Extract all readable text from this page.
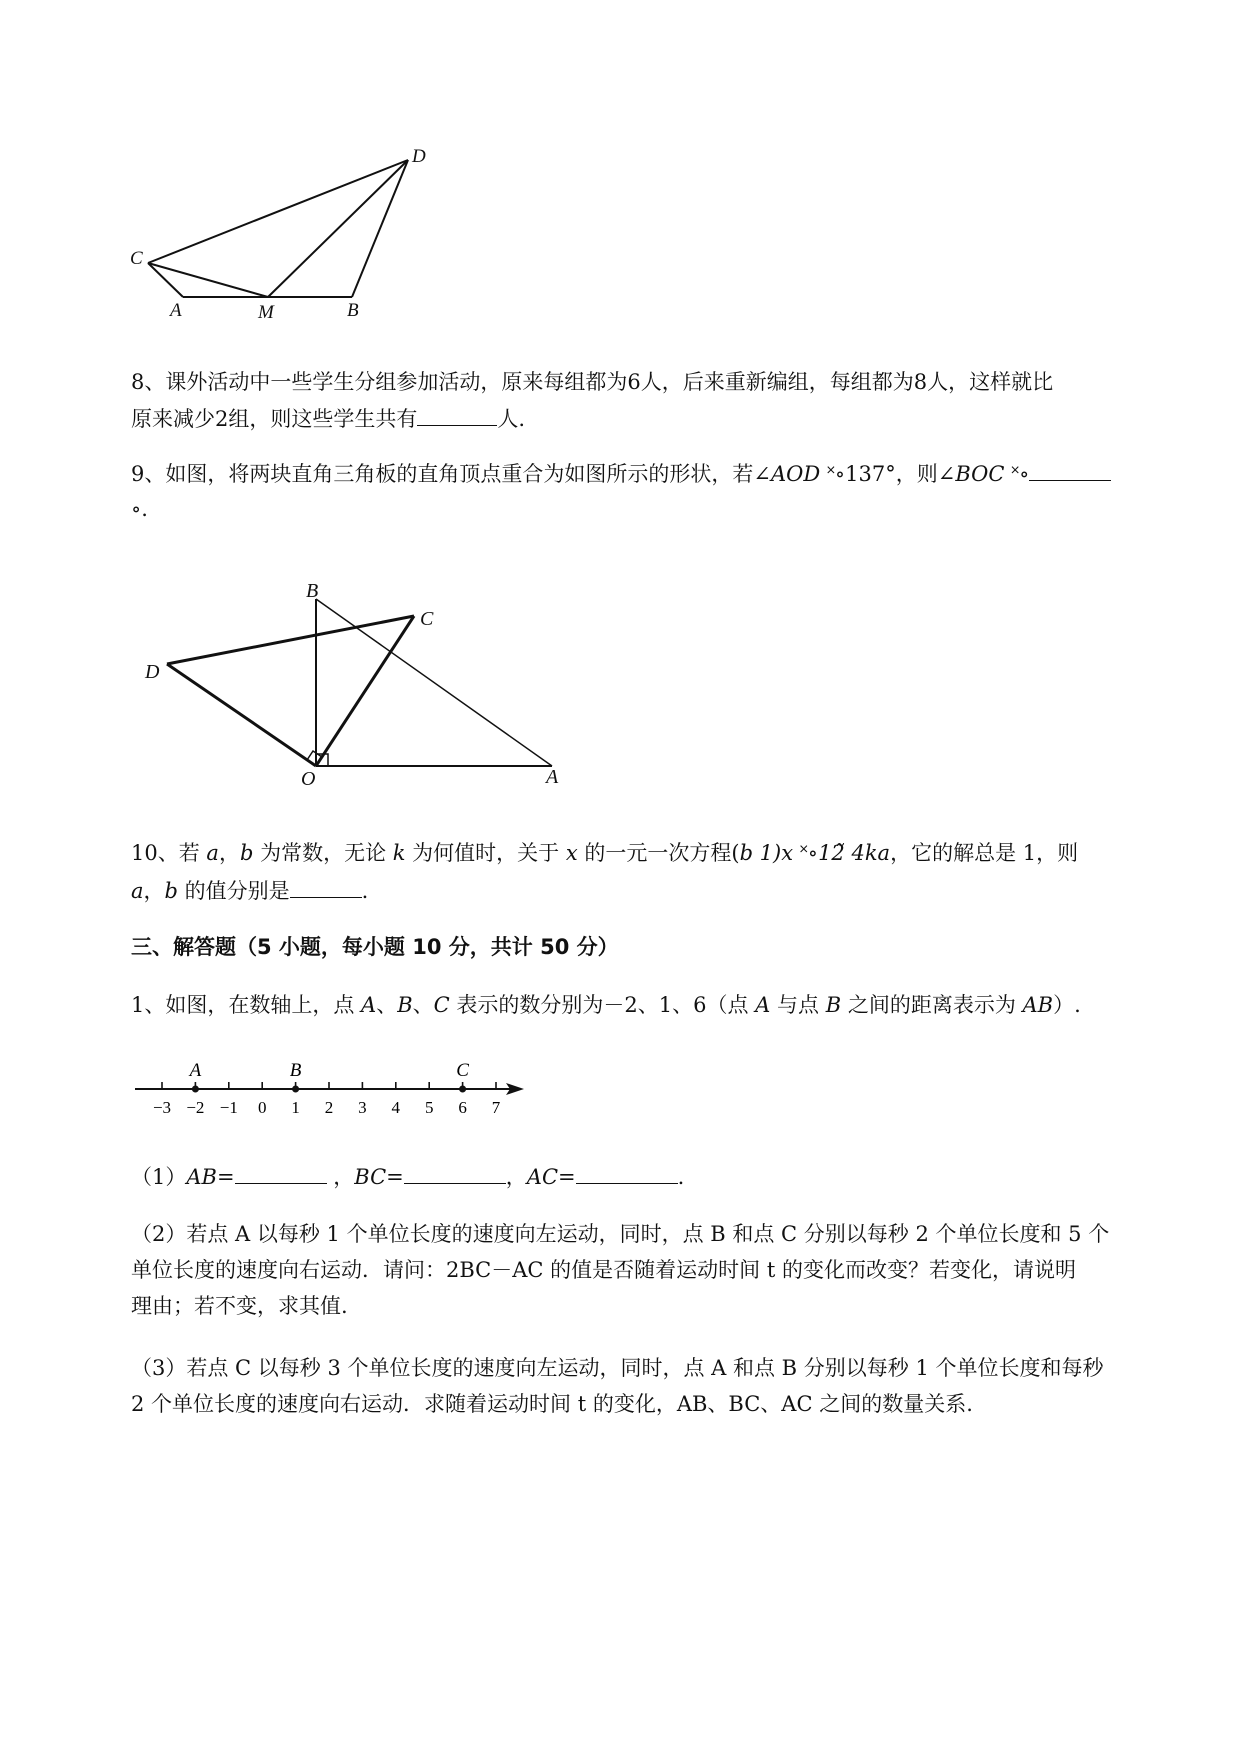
D
C
A	M	B
8、课外活动中一些学生分组参加活动，原来每组都为6人，后来重新编组，每组都为8人，这样就比
原来减少2组，则这些学生共有	人.
9、如图，将两块直角三角板的直角顶点重合为如图所示的形状，若∠AOD ˟∘137°，则∠BOC ˟∘
∘.
B
C
D
O	A
10、若 a，b 为常数，无论 k 为何值时，关于 x 的一元一次方程(b 1)x ˟∘12̃ 4ka，它的解总是 1，则
a，b 的值分别是	.
三、解答题（5 小题，每小题 10 分，共计 50 分）
1、如图，在数轴上，点 A、B、C 表示的数分别为－2、1、6（点 A 与点 B 之间的距离表示为 AB）.
−3 −2 −1 0 1 2 3 4 5 6 7
A	B	C
（1）AB=	，BC=	，AC=	.
（2）若点 A 以每秒 1 个单位长度的速度向左运动，同时，点 B 和点 C 分别以每秒 2 个单位长度和 5 个
单位长度的速度向右运动．请问：2BC－AC 的值是否随着运动时间 t 的变化而改变？若变化，请说明
理由；若不变，求其值.
（3）若点 C 以每秒 3 个单位长度的速度向左运动，同时，点 A 和点 B 分别以每秒 1 个单位长度和每秒
2 个单位长度的速度向右运动．求随着运动时间 t 的变化，AB、BC、AC 之间的数量关系.
